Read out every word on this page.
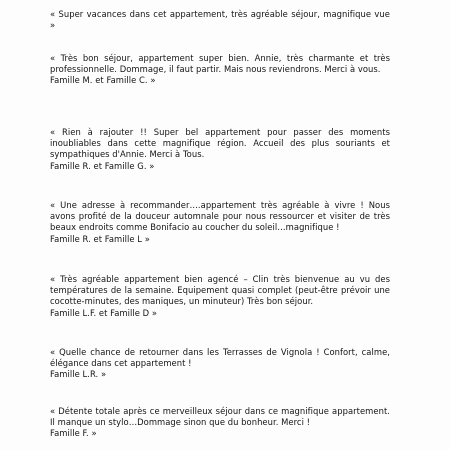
« Super vacances dans cet appartement, très agréable séjour, magnifique vue »

« Très bon séjour, appartement super bien. Annie, très charmante et très professionnelle. Dommage, il faut partir. Mais nous reviendrons. Merci à vous.

Famille M. et Famille C. »

« Rien à rajouter !! Super bel appartement pour passer des moments inoubliables dans cette magnifique région. Accueil des plus souriants et sympathiques d'Annie. Merci à Tous.

Famille R. et Famille G. »

« Une adresse à recommander….appartement très agréable à vivre ! Nous avons profité de la douceur automnale pour nous ressourcer et visiter de très beaux endroits comme Bonifacio au coucher du soleil…magnifique !

Famille R. et Famille L »

« Très agréable appartement bien agencé – Clin très bienvenue au vu des températures de la semaine. Equipement quasi complet (peut-être prévoir une cocotte-minutes, des maniques, un minuteur) Très bon séjour.

Famille L.F. et Famille D »

« Quelle chance de retourner dans les Terrasses de Vignola ! Confort, calme, élégance dans cet appartement !

Famille L.R. »

« Détente totale après ce merveilleux séjour dans ce magnifique appartement. Il manque un stylo…Dommage sinon que du bonheur. Merci !

Famille F. »
